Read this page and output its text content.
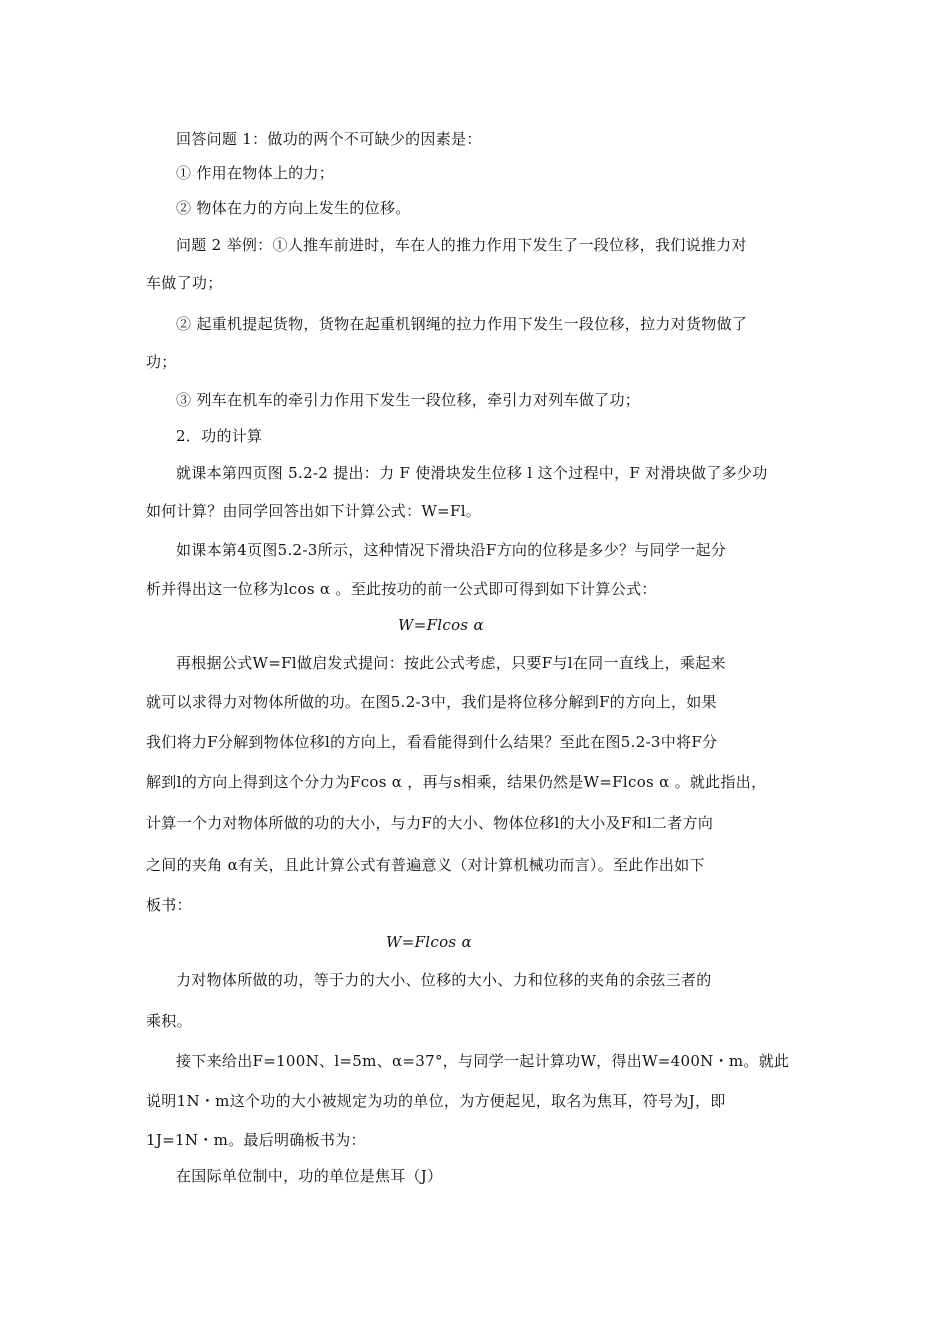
回答问题 1：做功的两个不可缺少的因素是：
① 作用在物体上的力；
② 物体在力的方向上发生的位移。
问题 2 举例：①人推车前进时，车在人的推力作用下发生了一段位移，我们说推力对
车做了功；
② 起重机提起货物，货物在起重机钢绳的拉力作用下发生一段位移，拉力对货物做了
功；
③ 列车在机车的牵引力作用下发生一段位移，牵引力对列车做了功；
2．功的计算
就课本第四页图 5.2-2 提出：力 F 使滑块发生位移 l 这个过程中，F 对滑块做了多少功
如何计算？由同学回答出如下计算公式：W=Fl。
如课本第4页图5.2-3所示，这种情况下滑块沿F方向的位移是多少？与同学一起分
析并得出这一位移为lcos α 。至此按功的前一公式即可得到如下计算公式：
W=Flcos α
再根据公式W=Fl做启发式提问：按此公式考虑，只要F与l在同一直线上，乘起来
就可以求得力对物体所做的功。在图5.2-3中，我们是将位移分解到F的方向上，如果
我们将力F分解到物体位移l的方向上，看看能得到什么结果？至此在图5.2-3中将F分
解到l的方向上得到这个分力为Fcos α ，再与s相乘，结果仍然是W=Flcos α 。就此指出，
计算一个力对物体所做的功的大小，与力F的大小、物体位移l的大小及F和l二者方向
之间的夹角 α有关，且此计算公式有普遍意义（对计算机械功而言）。至此作出如下
板书：
W=Flcos α
力对物体所做的功，等于力的大小、位移的大小、力和位移的夹角的余弦三者的
乘积。
接下来给出F=100N、l=5m、α=37°，与同学一起计算功W，得出W=400N・m。就此
说明1N・m这个功的大小被规定为功的单位，为方便起见，取名为焦耳，符号为J，即
1J=1N・m。最后明确板书为：
在国际单位制中，功的单位是焦耳（J）
